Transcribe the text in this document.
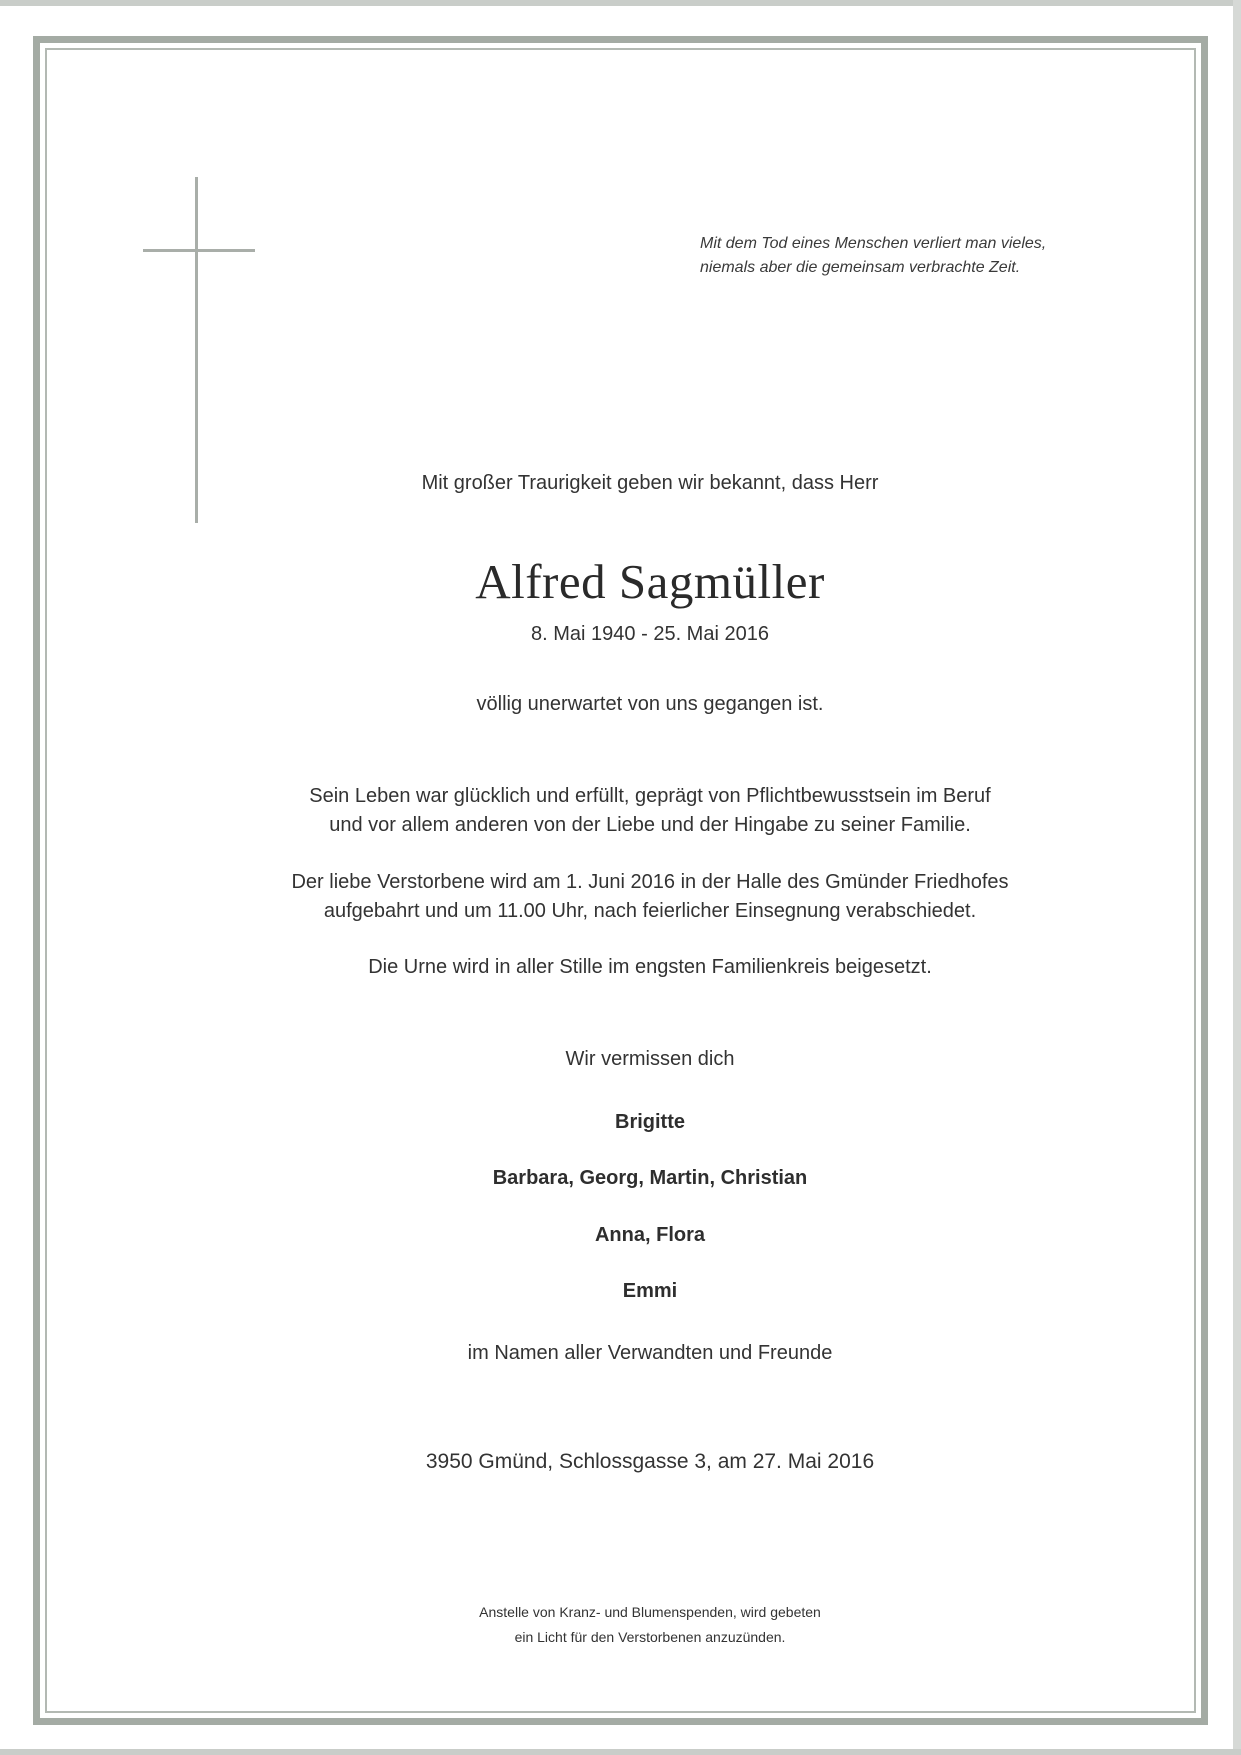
Mit dem Tod eines Menschen verliert man vieles,
niemals aber die gemeinsam verbrachte Zeit.
Mit großer Traurigkeit geben wir bekannt, dass Herr
Alfred Sagmüller
8. Mai 1940 - 25. Mai 2016
völlig unerwartet von uns gegangen ist.
Sein Leben war glücklich und erfüllt, geprägt von Pflichtbewusstsein im Beruf
und vor allem anderen von der Liebe und der Hingabe zu seiner Familie.
Der liebe Verstorbene wird am 1. Juni 2016 in der Halle des Gmünder Friedhofes
aufgebahrt und um 11.00 Uhr, nach feierlicher Einsegnung verabschiedet.
Die Urne wird in aller Stille im engsten Familienkreis beigesetzt.
Wir vermissen dich
Brigitte
Barbara, Georg, Martin, Christian
Anna, Flora
Emmi
im Namen aller Verwandten und Freunde
3950 Gmünd, Schlossgasse 3, am 27. Mai 2016
Anstelle von Kranz- und Blumenspenden, wird gebeten
ein Licht für den Verstorbenen anzuzünden.
